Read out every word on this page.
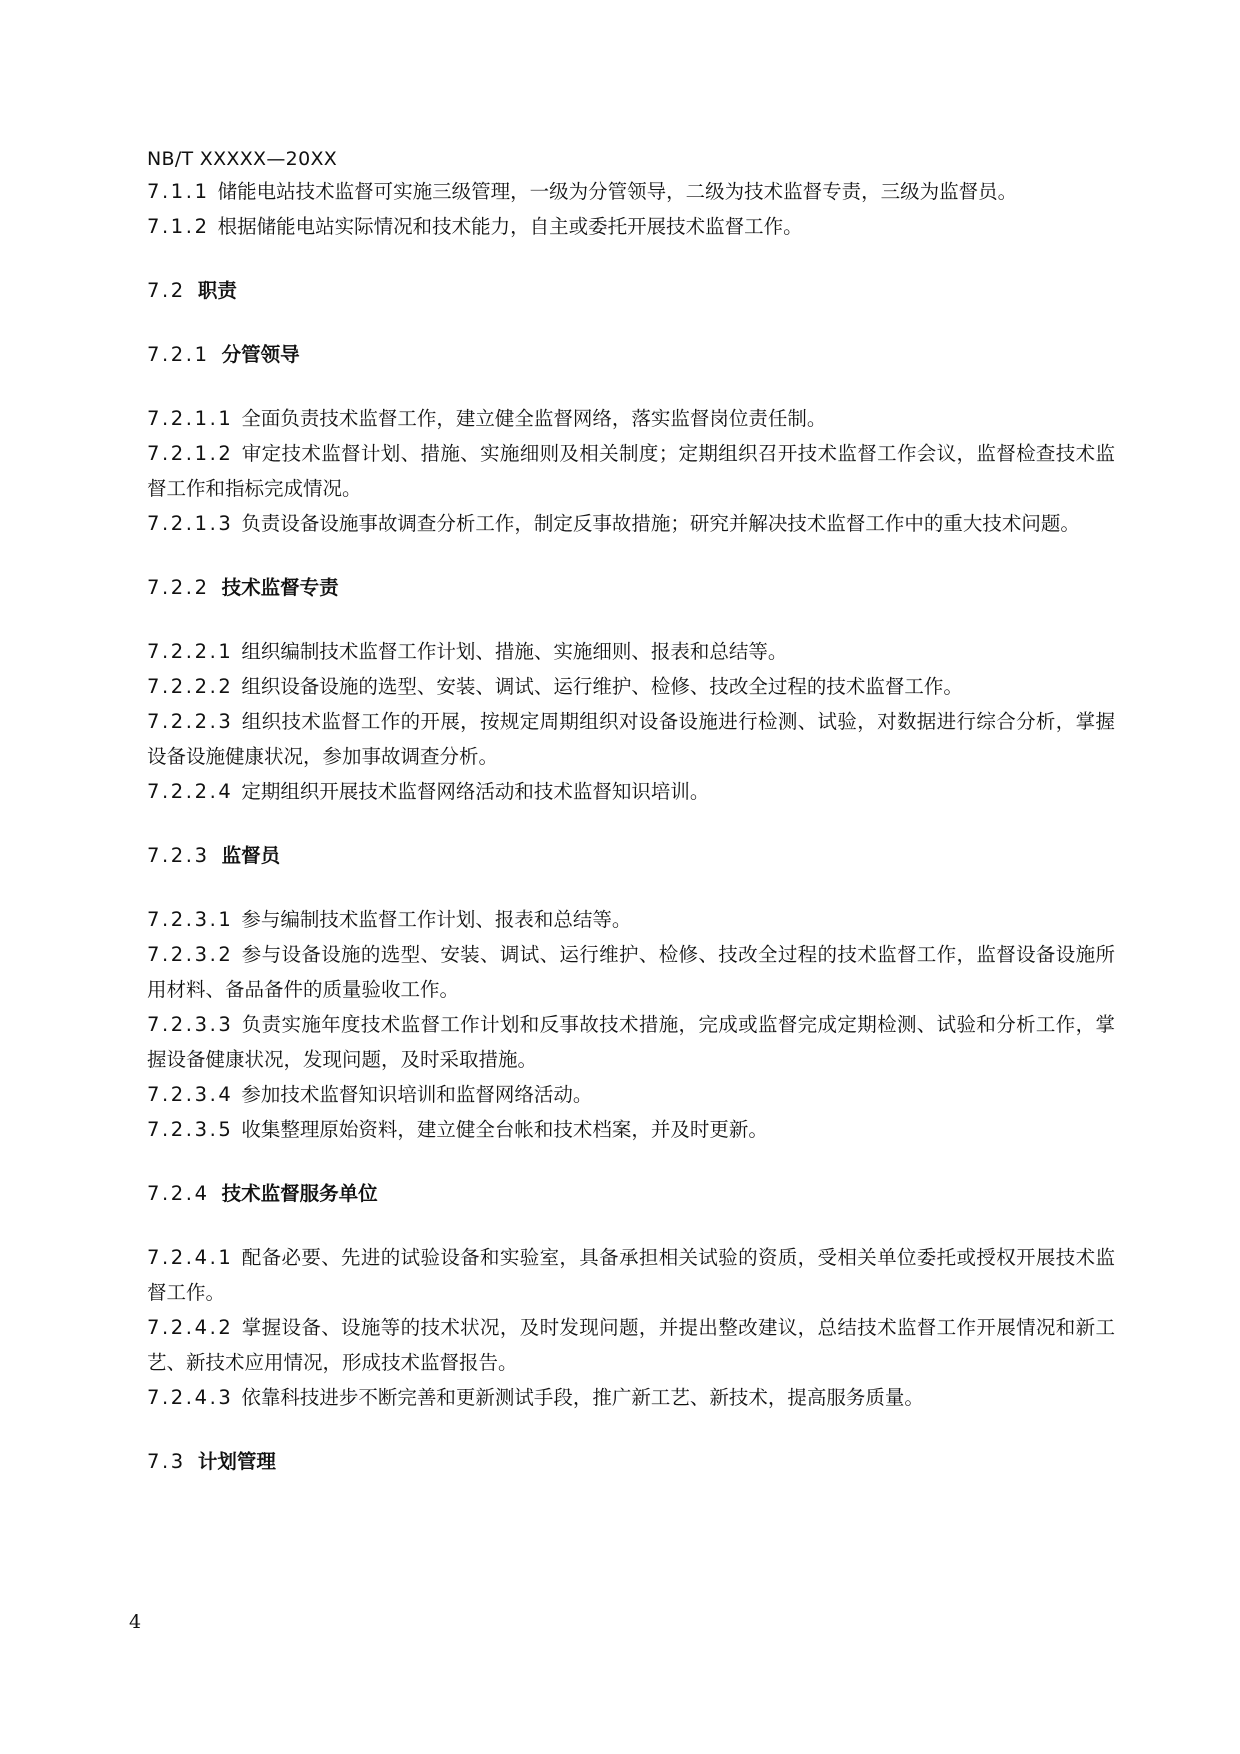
NB/T XXXXX—20XX

7.1.1 储能电站技术监督可实施三级管理，一级为分管领导，二级为技术监督专责，三级为监督员。

7.1.2 根据储能电站实际情况和技术能力，自主或委托开展技术监督工作。

7.2 职责

7.2.1 分管领导

7.2.1.1 全面负责技术监督工作，建立健全监督网络，落实监督岗位责任制。

7.2.1.2 审定技术监督计划、措施、实施细则及相关制度；定期组织召开技术监督工作会议，监督检查技术监督工作和指标完成情况。

7.2.1.3 负责设备设施事故调查分析工作，制定反事故措施；研究并解决技术监督工作中的重大技术问题。

7.2.2 技术监督专责

7.2.2.1 组织编制技术监督工作计划、措施、实施细则、报表和总结等。

7.2.2.2 组织设备设施的选型、安装、调试、运行维护、检修、技改全过程的技术监督工作。

7.2.2.3 组织技术监督工作的开展，按规定周期组织对设备设施进行检测、试验，对数据进行综合分析，掌握设备设施健康状况，参加事故调查分析。

7.2.2.4 定期组织开展技术监督网络活动和技术监督知识培训。

7.2.3 监督员

7.2.3.1 参与编制技术监督工作计划、报表和总结等。

7.2.3.2 参与设备设施的选型、安装、调试、运行维护、检修、技改全过程的技术监督工作，监督设备设施所用材料、备品备件的质量验收工作。

7.2.3.3 负责实施年度技术监督工作计划和反事故技术措施，完成或监督完成定期检测、试验和分析工作，掌握设备健康状况，发现问题，及时采取措施。

7.2.3.4 参加技术监督知识培训和监督网络活动。

7.2.3.5 收集整理原始资料，建立健全台帐和技术档案，并及时更新。

7.2.4 技术监督服务单位

7.2.4.1 配备必要、先进的试验设备和实验室，具备承担相关试验的资质，受相关单位委托或授权开展技术监督工作。

7.2.4.2 掌握设备、设施等的技术状况，及时发现问题，并提出整改建议，总结技术监督工作开展情况和新工艺、新技术应用情况，形成技术监督报告。

7.2.4.3 依靠科技进步不断完善和更新测试手段，推广新工艺、新技术，提高服务质量。

7.3 计划管理

4
